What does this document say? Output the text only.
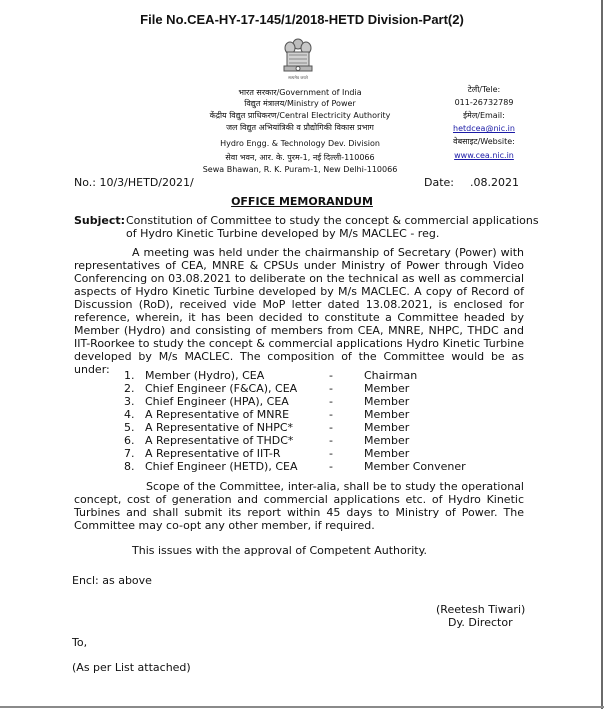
File No.CEA-HY-17-145/1/2018-HETD Division-Part(2)
सत्यमेव जयते
भारत सरकार/Government of India
विद्युत मंत्रालय/Ministry of Power
केंद्रीय विद्युत प्राधिकरण/Central Electricity Authority
जल विद्युत अभियांत्रिकी व प्रौद्योगिकी विकास प्रभाग
Hydro Engg. & Technology Dev. Division
सेवा भवन, आर. के. पुरम-1, नई दिल्ली-110066
Sewa Bhawan, R. K. Puram-1, New Delhi-110066
टेली/Tele:
011-26732789
ईमेल/Email:
hetdcea@nic.in
वेबसाइट/Website:
www.cea.nic.in
No.: 10/3/HETD/2021/	Date: .08.2021
OFFICE MEMORANDUM
Subject: Constitution of Committee to study the concept & commercial applications
of Hydro Kinetic Turbine developed by M/s MACLEC - reg.
A meeting was held under the chairmanship of Secretary (Power) with representatives of CEA, MNRE & CPSUs under Ministry of Power through Video Conferencing on 03.08.2021 to deliberate on the technical as well as commercial aspects of Hydro Kinetic Turbine developed by M/s MACLEC. A copy of Record of Discussion (RoD), received vide MoP letter dated 13.08.2021, is enclosed for reference, wherein, it has been decided to constitute a Committee headed by Member (Hydro) and consisting of members from CEA, MNRE, NHPC, THDC and IIT-Roorkee to study the concept & commercial applications Hydro Kinetic Turbine developed by M/s MACLEC. The composition of the Committee would be as under:	1. Member (Hydro), CEA	-	Chairman
2. Chief Engineer (F&CA), CEA	-	Member
3. Chief Engineer (HPA), CEA	-	Member
4. A Representative of MNRE	-	Member
5. A Representative of NHPC*	-	Member
6. A Representative of THDC*	-	Member
7. A Representative of IIT-R	-	Member
8. Chief Engineer (HETD), CEA	-	Member Convener
Scope of the Committee, inter-alia, shall be to study the operational concept, cost of generation and commercial applications etc. of Hydro Kinetic Turbines and shall submit its report within 45 days to Ministry of Power. The Committee may co-opt any other member, if required.
This issues with the approval of Competent Authority.
Encl: as above
(Reetesh Tiwari)
Dy. Director
To,
(As per List attached)
